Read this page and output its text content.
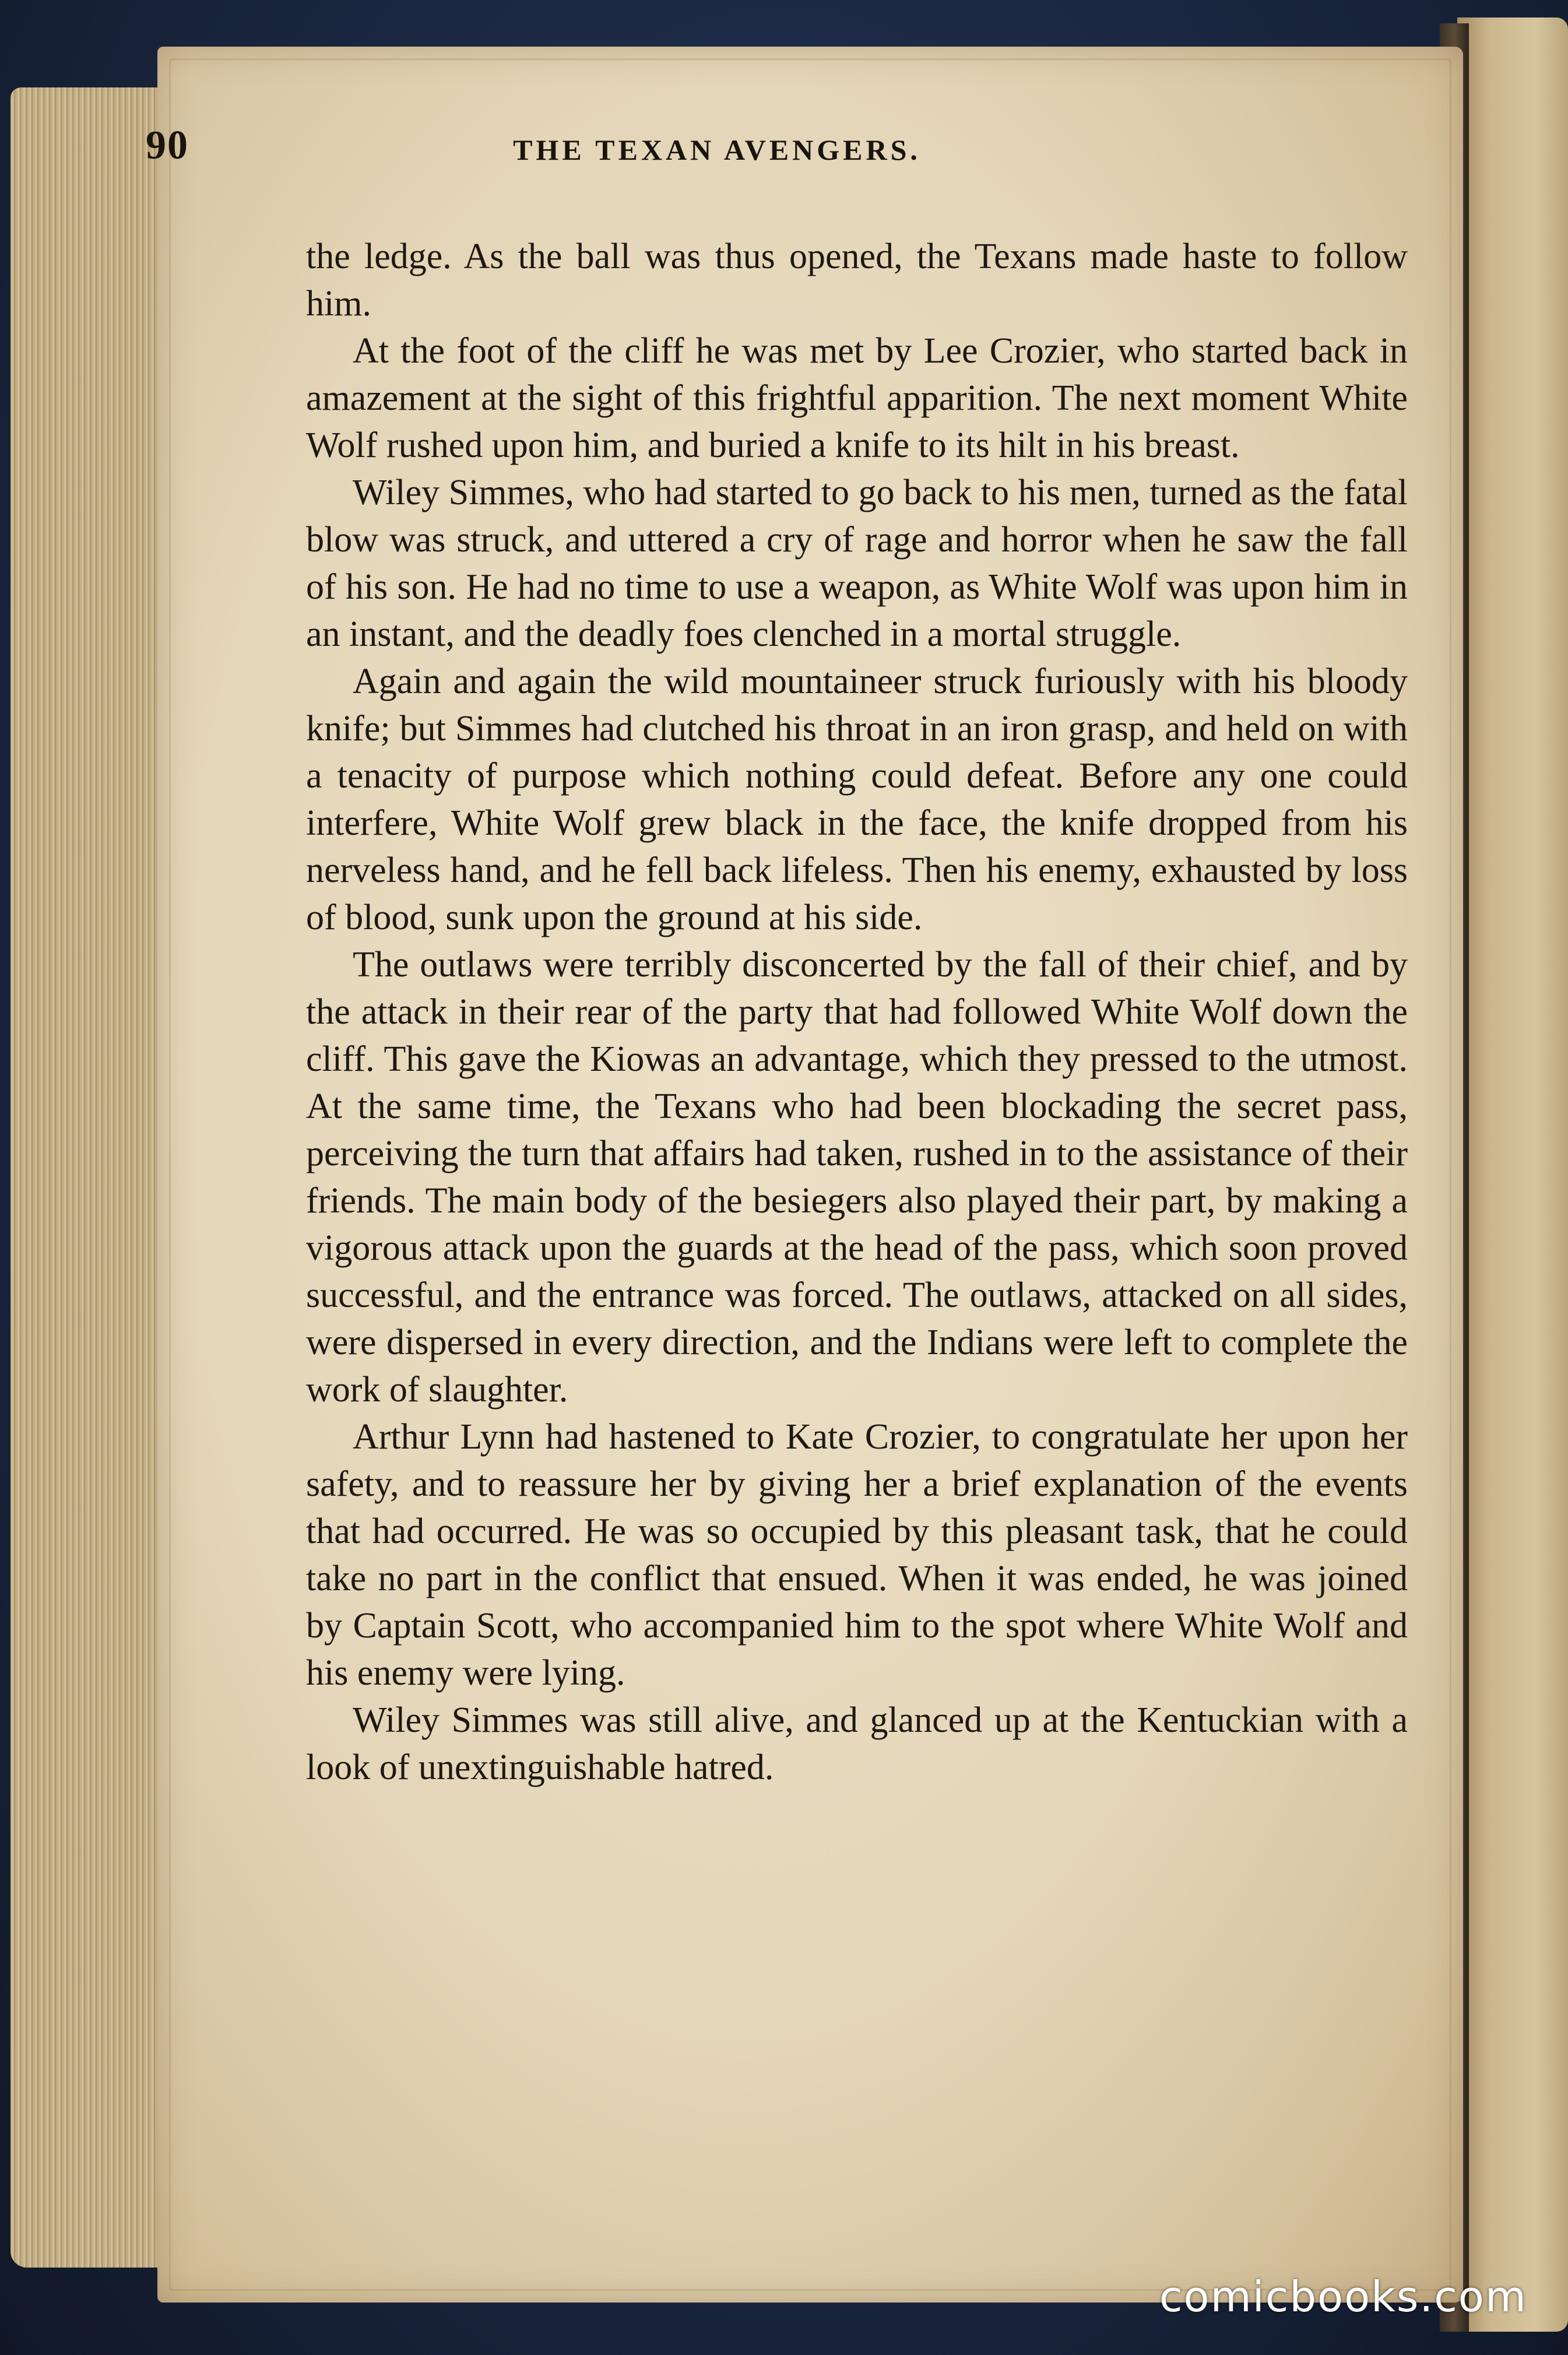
90	THE TEXAN AVENGERS.

the ledge. As the ball was thus opened, the Texans made haste to follow him.

At the foot of the cliff he was met by Lee Crozier, who started back in amazement at the sight of this frightful apparition. The next moment White Wolf rushed upon him, and buried a knife to its hilt in his breast.

Wiley Simmes, who had started to go back to his men, turned as the fatal blow was struck, and uttered a cry of rage and horror when he saw the fall of his son. He had no time to use a weapon, as White Wolf was upon him in an instant, and the deadly foes clenched in a mortal struggle.

Again and again the wild mountaineer struck furiously with his bloody knife; but Simmes had clutched his throat in an iron grasp, and held on with a tenacity of purpose which nothing could defeat. Before any one could interfere, White Wolf grew black in the face, the knife dropped from his nerveless hand, and he fell back lifeless. Then his enemy, exhausted by loss of blood, sunk upon the ground at his side.

The outlaws were terribly disconcerted by the fall of their chief, and by the attack in their rear of the party that had followed White Wolf down the cliff. This gave the Kiowas an advantage, which they pressed to the utmost. At the same time, the Texans who had been blockading the secret pass, perceiving the turn that affairs had taken, rushed in to the assistance of their friends. The main body of the besiegers also played their part, by making a vigorous attack upon the guards at the head of the pass, which soon proved successful, and the entrance was forced. The outlaws, attacked on all sides, were dispersed in every direction, and the Indians were left to complete the work of slaughter.

Arthur Lynn had hastened to Kate Crozier, to congratulate her upon her safety, and to reassure her by giving her a brief explanation of the events that had occurred. He was so occupied by this pleasant task, that he could take no part in the conflict that ensued. When it was ended, he was joined by Captain Scott, who accompanied him to the spot where White Wolf and his enemy were lying.

Wiley Simmes was still alive, and glanced up at the Kentuckian with a look of unextinguishable hatred.

comicbooks.com
